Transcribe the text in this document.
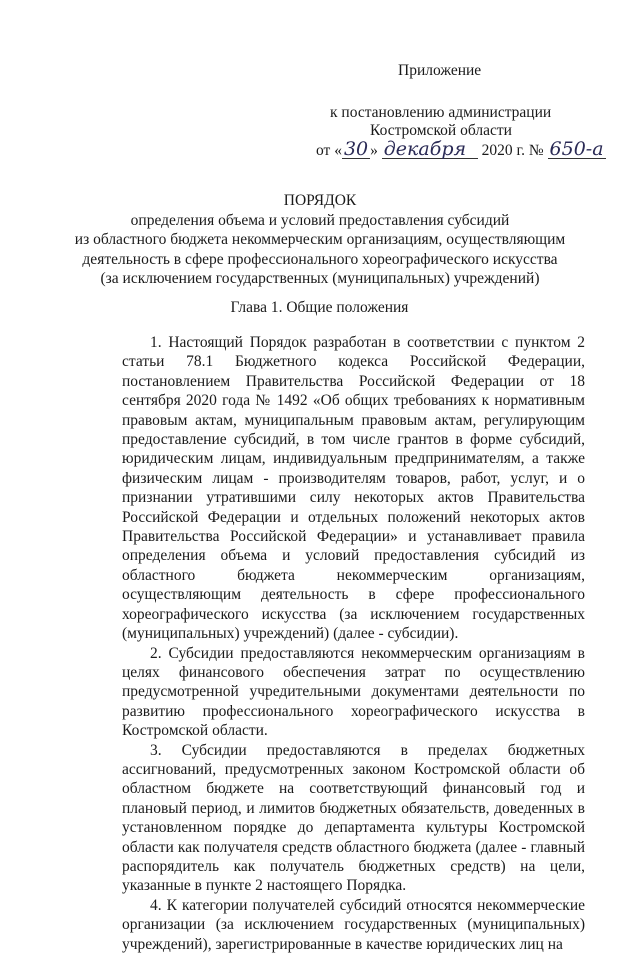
Приложение
к постановлению администрации
Костромской области
от « 30 » декабря 2020 г. № 650-а
ПОРЯДОК
определения объема и условий предоставления субсидий
из областного бюджета некоммерческим организациям, осуществляющим
деятельность в сфере профессионального хореографического искусства
(за исключением государственных (муниципальных) учреждений)
Глава 1. Общие положения

1. Настоящий Порядок разработан в соответствии с пунктом 2 статьи 78.1 Бюджетного кодекса Российской Федерации, постановлением Правительства Российской Федерации от 18 сентября 2020 года № 1492 «Об общих требованиях к нормативным правовым актам, муниципальным правовым актам, регулирующим предоставление субсидий, в том числе грантов в форме субсидий, юридическим лицам, индивидуальным предпринимателям, а также физическим лицам - производителям товаров, работ, услуг, и о признании утратившими силу некоторых актов Правительства Российской Федерации и отдельных положений некоторых актов Правительства Российской Федерации» и устанавливает правила определения объема и условий предоставления субсидий из областного бюджета некоммерческим организациям, осуществляющим деятельность в сфере профессионального хореографического искусства (за исключением государственных (муниципальных) учреждений) (далее - субсидии).

2. Субсидии предоставляются некоммерческим организациям в целях финансового обеспечения затрат по осуществлению предусмотренной учредительными документами деятельности по развитию профессионального хореографического искусства в Костромской области.

3. Субсидии предоставляются в пределах бюджетных ассигнований, предусмотренных законом Костромской области об областном бюджете на соответствующий финансовый год и плановый период, и лимитов бюджетных обязательств, доведенных в установленном порядке до департамента культуры Костромской области как получателя средств областного бюджета (далее - главный распорядитель как получатель бюджетных средств) на цели, указанные в пункте 2 настоящего Порядка.

4. К категории получателей субсидий относятся некоммерческие организации (за исключением государственных (муниципальных) учреждений), зарегистрированные в качестве юридических лиц на
